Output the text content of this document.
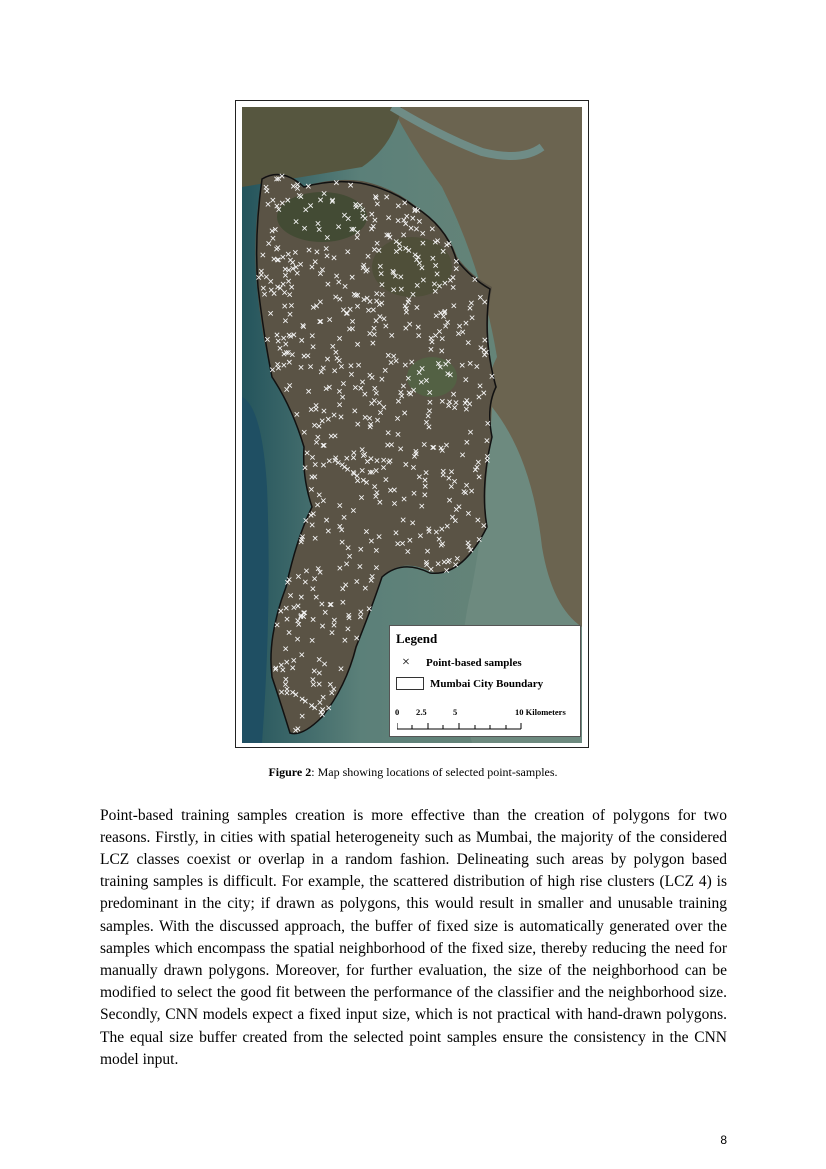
Legend
×	Point-based samples
Mumbai City Boundary
0 2.5	5	10 Kilometers
Figure 2: Map showing locations of selected point-samples.

Point-based training samples creation is more effective than the creation of polygons for two reasons. Firstly, in cities with spatial heterogeneity such as Mumbai, the majority of the considered LCZ classes coexist or overlap in a random fashion. Delineating such areas by polygon based training samples is difficult. For example, the scattered distribution of high rise clusters (LCZ 4) is predominant in the city; if drawn as polygons, this would result in smaller and unusable training samples. With the discussed approach, the buffer of fixed size is automatically generated over the samples which encompass the spatial neighborhood of the fixed size, thereby reducing the need for manually drawn polygons. Moreover, for further evaluation, the size of the neighborhood can be modified to select the good fit between the performance of the classifier and the neighborhood size. Secondly, CNN models expect a fixed input size, which is not practical with hand-drawn polygons. The equal size buffer created from the selected point samples ensure the consistency in the CNN model input.

8
